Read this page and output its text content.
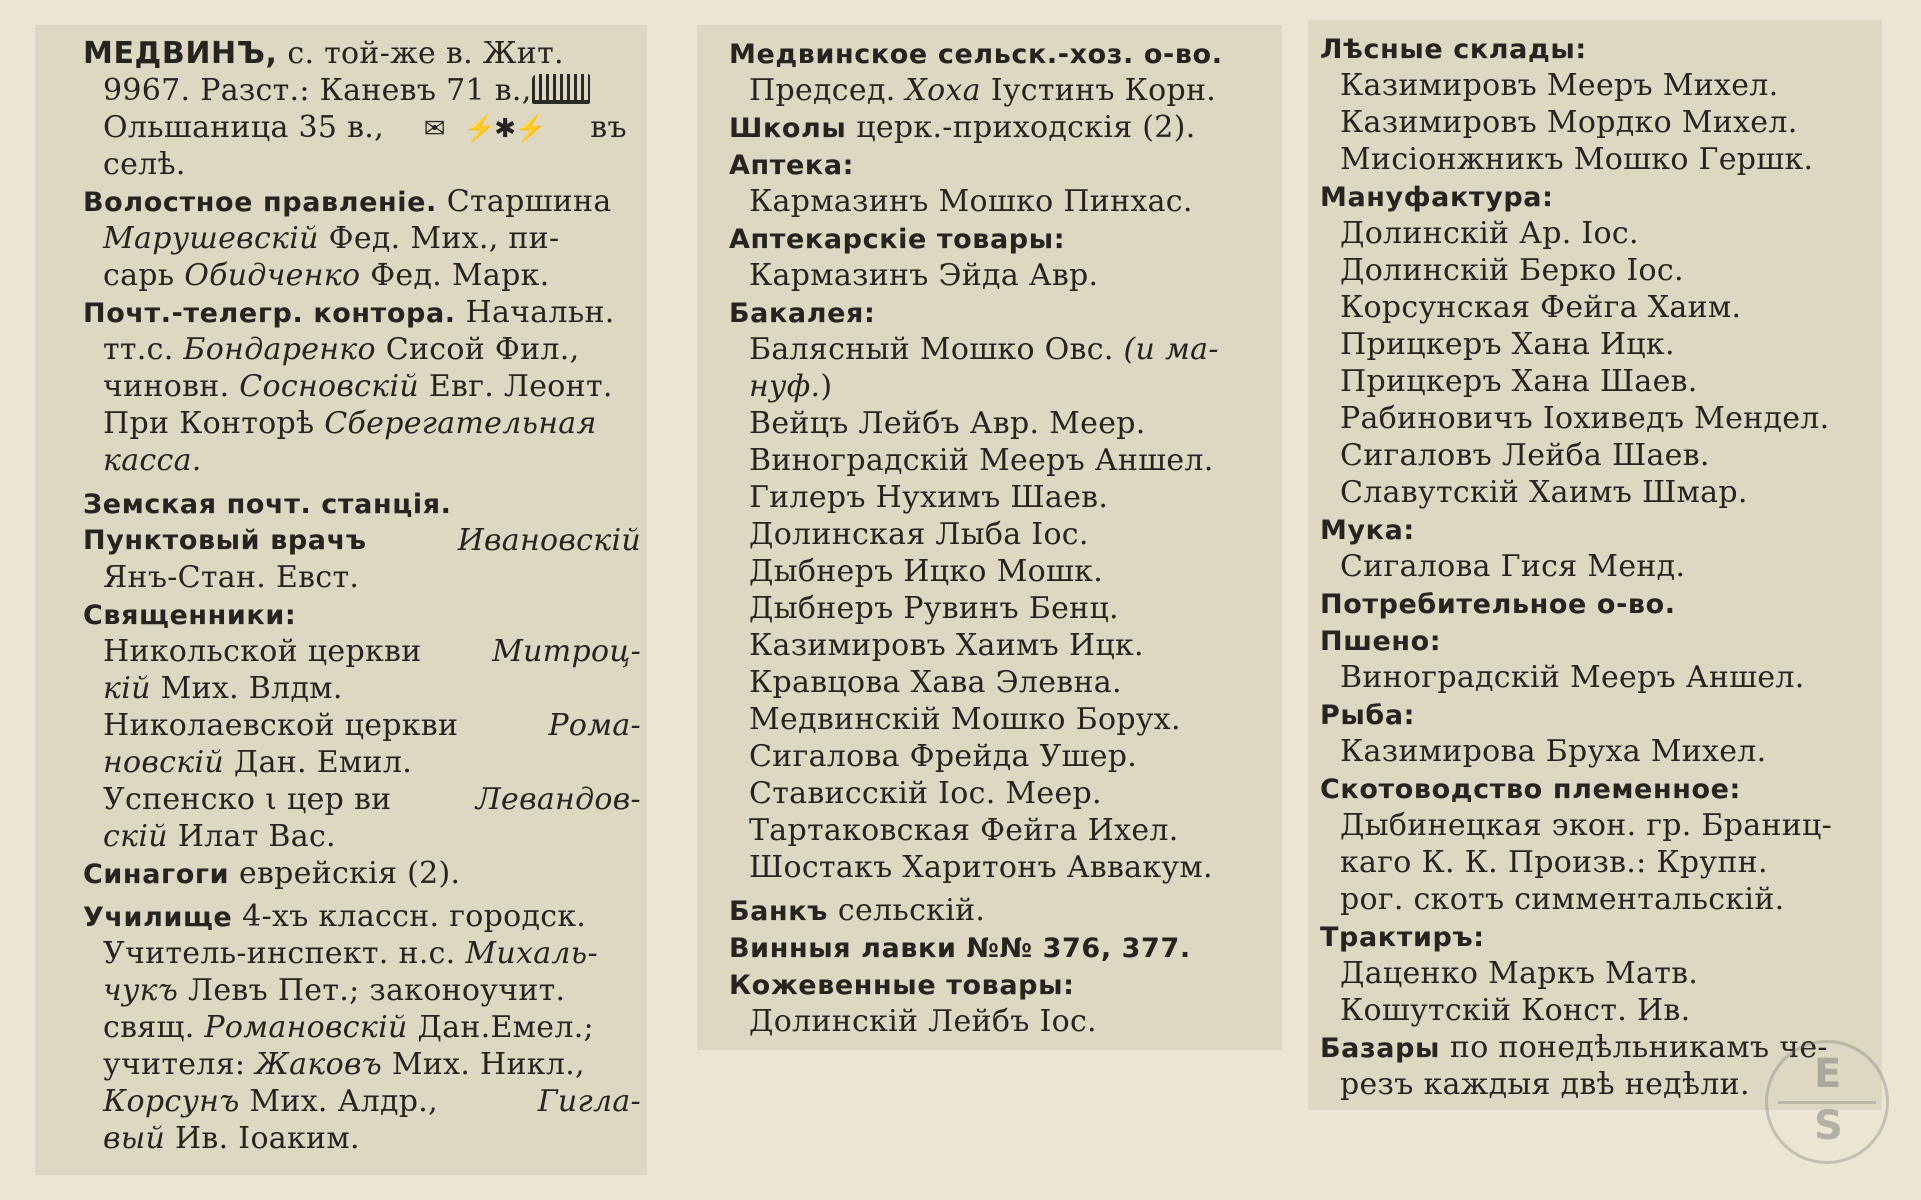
МЕДВИНЪ, с. той-же в. Жит.
9967. Разст.: Каневъ 71 в.,
Ольшаница 35 в., ✉ ⚡✱⚡ въ
селѣ.
Волостное правленіе. Старшина
Марушевскій Фед. Мих., пи-
сарь Обидченко Фед. Марк.
Почт.-телегр. контора. Начальн.
тт.с. Бондаренко Сисой Фил.,
чиновн. Сосновскій Евг. Леонт.
При Конторѣ Сберегательная
касса.
Земская почт. станція.
Пунктовый врачъ	Ивановскій
Янъ-Стан. Евст.
Священники:
Никольской церкви Митроц-
кій Мих. Влдм.
Николаевской церкви	Рома-
новскій Дан. Емил.
Успенско ι цер ви	Левандов-
скій Илат Вас.
Синагоги еврейскія (2).
Училище 4-хъ классн. городск.
Учитель-инспект. н.с. Михаль-
чукъ Левъ Пет.; законоучит.
свящ. Романовскій Дан.Емел.;
учителя: Жаковъ Мих. Никл.,
Корсунъ Мих. Алдр.,	Гигла-
вый Ив. Іоаким.
Медвинское сельск.-хоз. о-во.
Председ. Хоха Іустинъ Корн.
Школы церк.-приходскія (2).
Аптека:
Кармазинъ Мошко Пинхас.
Аптекарскіе товары:
Кармазинъ Эйда Авр.
Бакалея:
Балясный Мошко Овс. (и ма-
нуф.)
Вейцъ Лейбъ Авр. Меер.
Виноградскій Мееръ Аншел.
Гилеръ Нухимъ Шаев.
Долинская Лыба Іос.
Дыбнеръ Ицко Мошк.
Дыбнеръ Рувинъ Бенц.
Казимировъ Хаимъ Ицк.
Кравцова Хава Элевна.
Медвинскій Мошко Борух.
Сигалова Фрейда Ушер.
Стависскій Іос. Меер.
Тартаковская Фейга Ихел.
Шостакъ Харитонъ Аввакум.
Банкъ сельскій.
Винныя лавки №№ 376, 377.
Кожевенные товары:
Долинскій Лейбъ Іос.
Лѣсные склады:
Казимировъ Мееръ Михел.
Казимировъ Мордко Михел.
Мисіонжникъ Мошко Гершк.
Мануфактура:
Долинскій Ар. Іос.
Долинскій Берко Іос.
Корсунская Фейга Хаим.
Прицкеръ Хана Ицк.
Прицкеръ Хана Шаев.
Рабиновичъ Іохиведъ Мендел.
Сигаловъ Лейба Шаев.
Славутскій Хаимъ Шмар.
Мука:
Сигалова Гися Менд.
Потребительное о-во.
Пшено:
Виноградскій Мееръ Аншел.
Рыба:
Казимирова Бруха Михел.
Скотоводство племенное:
Дыбинецкая экон. гр. Браниц-
каго К. К. Произв.: Крупн.
рог. скотъ симментальскій.
Трактиръ:
Даценко Маркъ Матв.
Кошутскій Конст. Ив.
Базары по понедѣльникамъ че-
резъ каждыя двѣ недѣли.	E
S
